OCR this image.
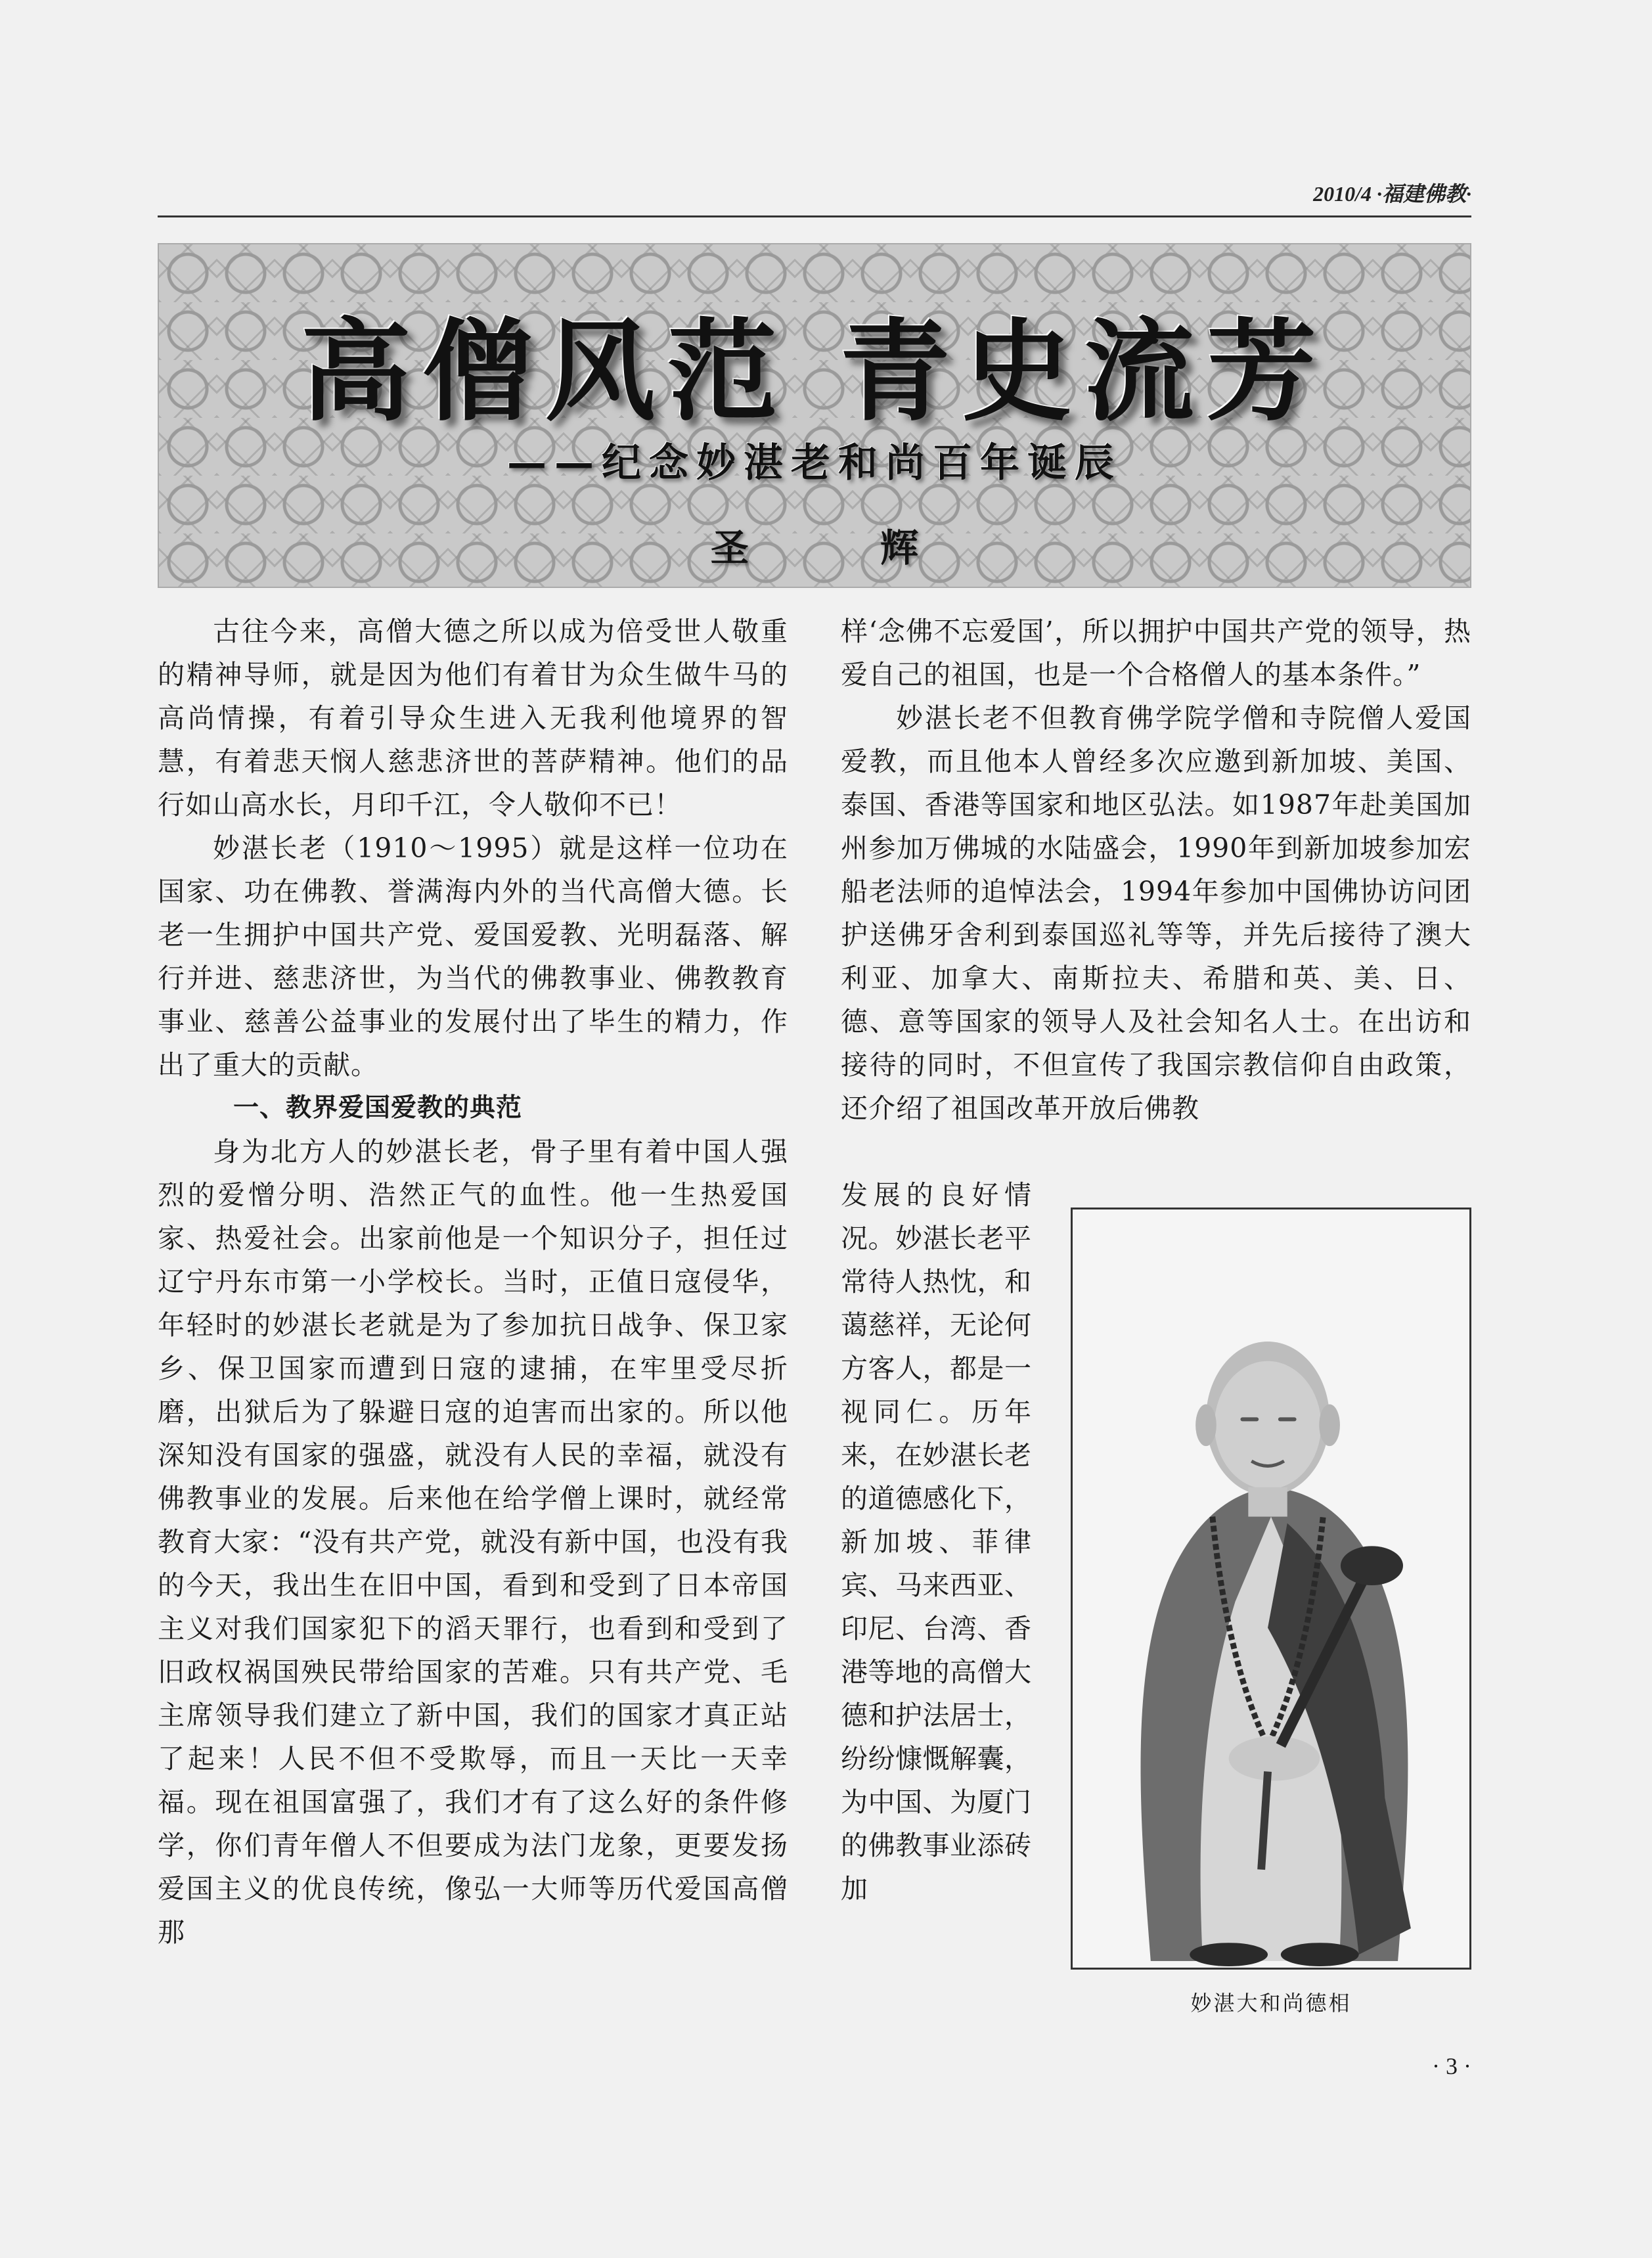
2010/4 ·福建佛教·
高僧风范 青史流芳
——纪念妙湛老和尚百年诞辰
圣 辉

古往今来，高僧大德之所以成为倍受世人敬重的精神导师，就是因为他们有着甘为众生做牛马的高尚情操，有着引导众生进入无我利他境界的智慧，有着悲天悯人慈悲济世的菩萨精神。他们的品行如山高水长，月印千江，令人敬仰不已！

妙湛长老（1910～1995）就是这样一位功在国家、功在佛教、誉满海内外的当代高僧大德。长老一生拥护中国共产党、爱国爱教、光明磊落、解行并进、慈悲济世，为当代的佛教事业、佛教教育事业、慈善公益事业的发展付出了毕生的精力，作出了重大的贡献。

一、教界爱国爱教的典范

身为北方人的妙湛长老，骨子里有着中国人强烈的爱憎分明、浩然正气的血性。他一生热爱国家、热爱社会。出家前他是一个知识分子，担任过辽宁丹东市第一小学校长。当时，正值日寇侵华，年轻时的妙湛长老就是为了参加抗日战争、保卫家乡、保卫国家而遭到日寇的逮捕，在牢里受尽折磨，出狱后为了躲避日寇的迫害而出家的。所以他深知没有国家的强盛，就没有人民的幸福，就没有佛教事业的发展。后来他在给学僧上课时，就经常教育大家：“没有共产党，就没有新中国，也没有我的今天，我出生在旧中国，看到和受到了日本帝国主义对我们国家犯下的滔天罪行，也看到和受到了旧政权祸国殃民带给国家的苦难。只有共产党、毛主席领导我们建立了新中国，我们的国家才真正站了起来！人民不但不受欺辱，而且一天比一天幸福。现在祖国富强了，我们才有了这么好的条件修学，你们青年僧人不但要成为法门龙象，更要发扬爱国主义的优良传统，像弘一大师等历代爱国高僧那

样‘念佛不忘爱国’，所以拥护中国共产党的领导，热爱自己的祖国，也是一个合格僧人的基本条件。”

妙湛长老不但教育佛学院学僧和寺院僧人爱国爱教，而且他本人曾经多次应邀到新加坡、美国、泰国、香港等国家和地区弘法。如1987年赴美国加州参加万佛城的水陆盛会，1990年到新加坡参加宏船老法师的追悼法会，1994年参加中国佛协访问团护送佛牙舍利到泰国巡礼等等，并先后接待了澳大利亚、加拿大、南斯拉夫、希腊和英、美、日、德、意等国家的领导人及社会知名人士。在出访和接待的同时，不但宣传了我国宗教信仰自由政策，还介绍了祖国改革开放后佛教

发展的良好情况。妙湛长老平常待人热忱，和蔼慈祥，无论何方客人，都是一视同仁。历年来，在妙湛长老的道德感化下，新加坡、菲律宾、马来西亚、印尼、台湾、香港等地的高僧大德和护法居士，纷纷慷慨解囊，为中国、为厦门的佛教事业添砖加

妙湛大和尚德相
· 3 ·
